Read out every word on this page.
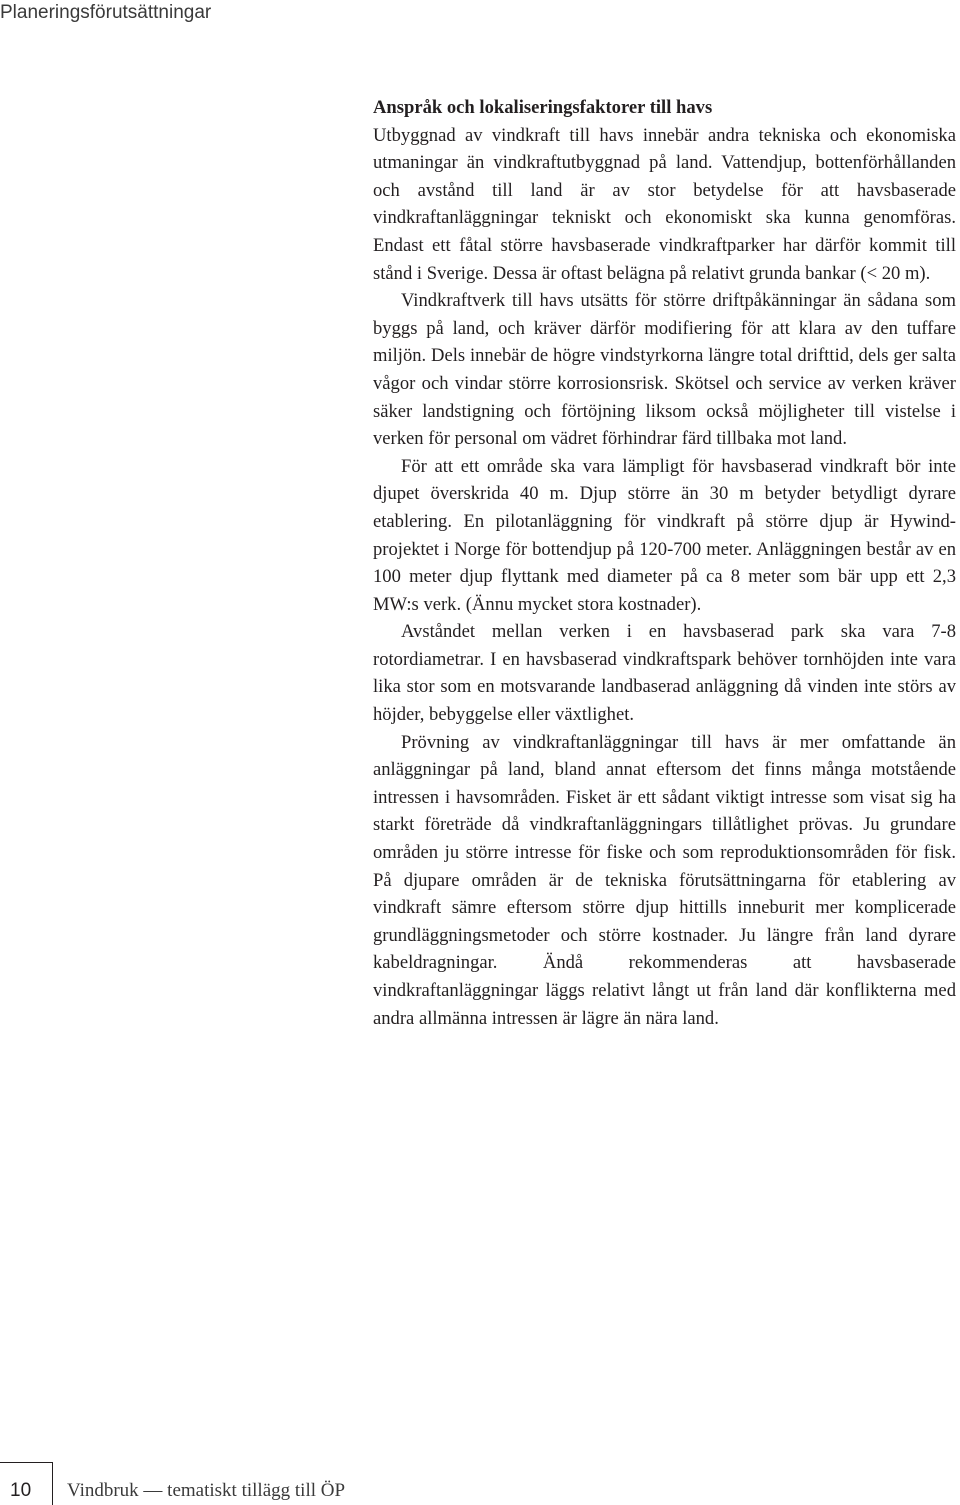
Planeringsförutsättningar
Anspråk och lokaliseringsfaktorer till havs

Utbyggnad av vindkraft till havs innebär andra tekniska och ekonomiska utmaningar än vindkraftutbyggnad på land. Vattendjup, bottenförhållanden och avstånd till land är av stor betydelse för att havsbaserade vindkraftanläggningar tekniskt och ekonomiskt ska kunna genomföras. Endast ett fåtal större havsbaserade vindkraftparker har därför kommit till stånd i Sverige. Dessa är oftast belägna på relativt grunda bankar (< 20 m).

Vindkraftverk till havs utsätts för större driftpåkänningar än sådana som byggs på land, och kräver därför modifiering för att klara av den tuffare miljön. Dels innebär de högre vindstyrkorna längre total drifttid, dels ger salta vågor och vindar större korrosionsrisk. Skötsel och service av verken kräver säker landstigning och förtöjning liksom också möjligheter till vistelse i verken för personal om vädret förhindrar färd tillbaka mot land.

För att ett område ska vara lämpligt för havsbaserad vindkraft bör inte djupet överskrida 40 m. Djup större än 30 m betyder betydligt dyrare etablering. En pilotanläggning för vindkraft på större djup är Hywind-projektet i Norge för bottendjup på 120-700 meter. Anläggningen består av en 100 meter djup flyttank med diameter på ca 8 meter som bär upp ett 2,3 MW:s verk. (Ännu mycket stora kostnader).

Avståndet mellan verken i en havsbaserad park ska vara 7-8 rotordiametrar. I en havsbaserad vindkraftspark behöver tornhöjden inte vara lika stor som en motsvarande landbaserad anläggning då vinden inte störs av höjder, bebyggelse eller växtlighet.

Prövning av vindkraftanläggningar till havs är mer omfattande än anläggningar på land, bland annat eftersom det finns många motstående intressen i havsområden. Fisket är ett sådant viktigt intresse som visat sig ha starkt företräde då vindkraftanläggningars tillåtlighet prövas. Ju grundare områden ju större intresse för fiske och som reproduktionsområden för fisk. På djupare områden är de tekniska förutsättningarna för etablering av vindkraft sämre eftersom större djup hittills inneburit mer komplicerade grundläggningsmetoder och större kostnader. Ju längre från land dyrare kabeldragningar. Ändå rekommenderas att havsbaserade vindkraftanläggningar läggs relativt långt ut från land där konflikterna med andra allmänna intressen är lägre än nära land.

10 Vindbruk — tematiskt tillägg till ÖP
